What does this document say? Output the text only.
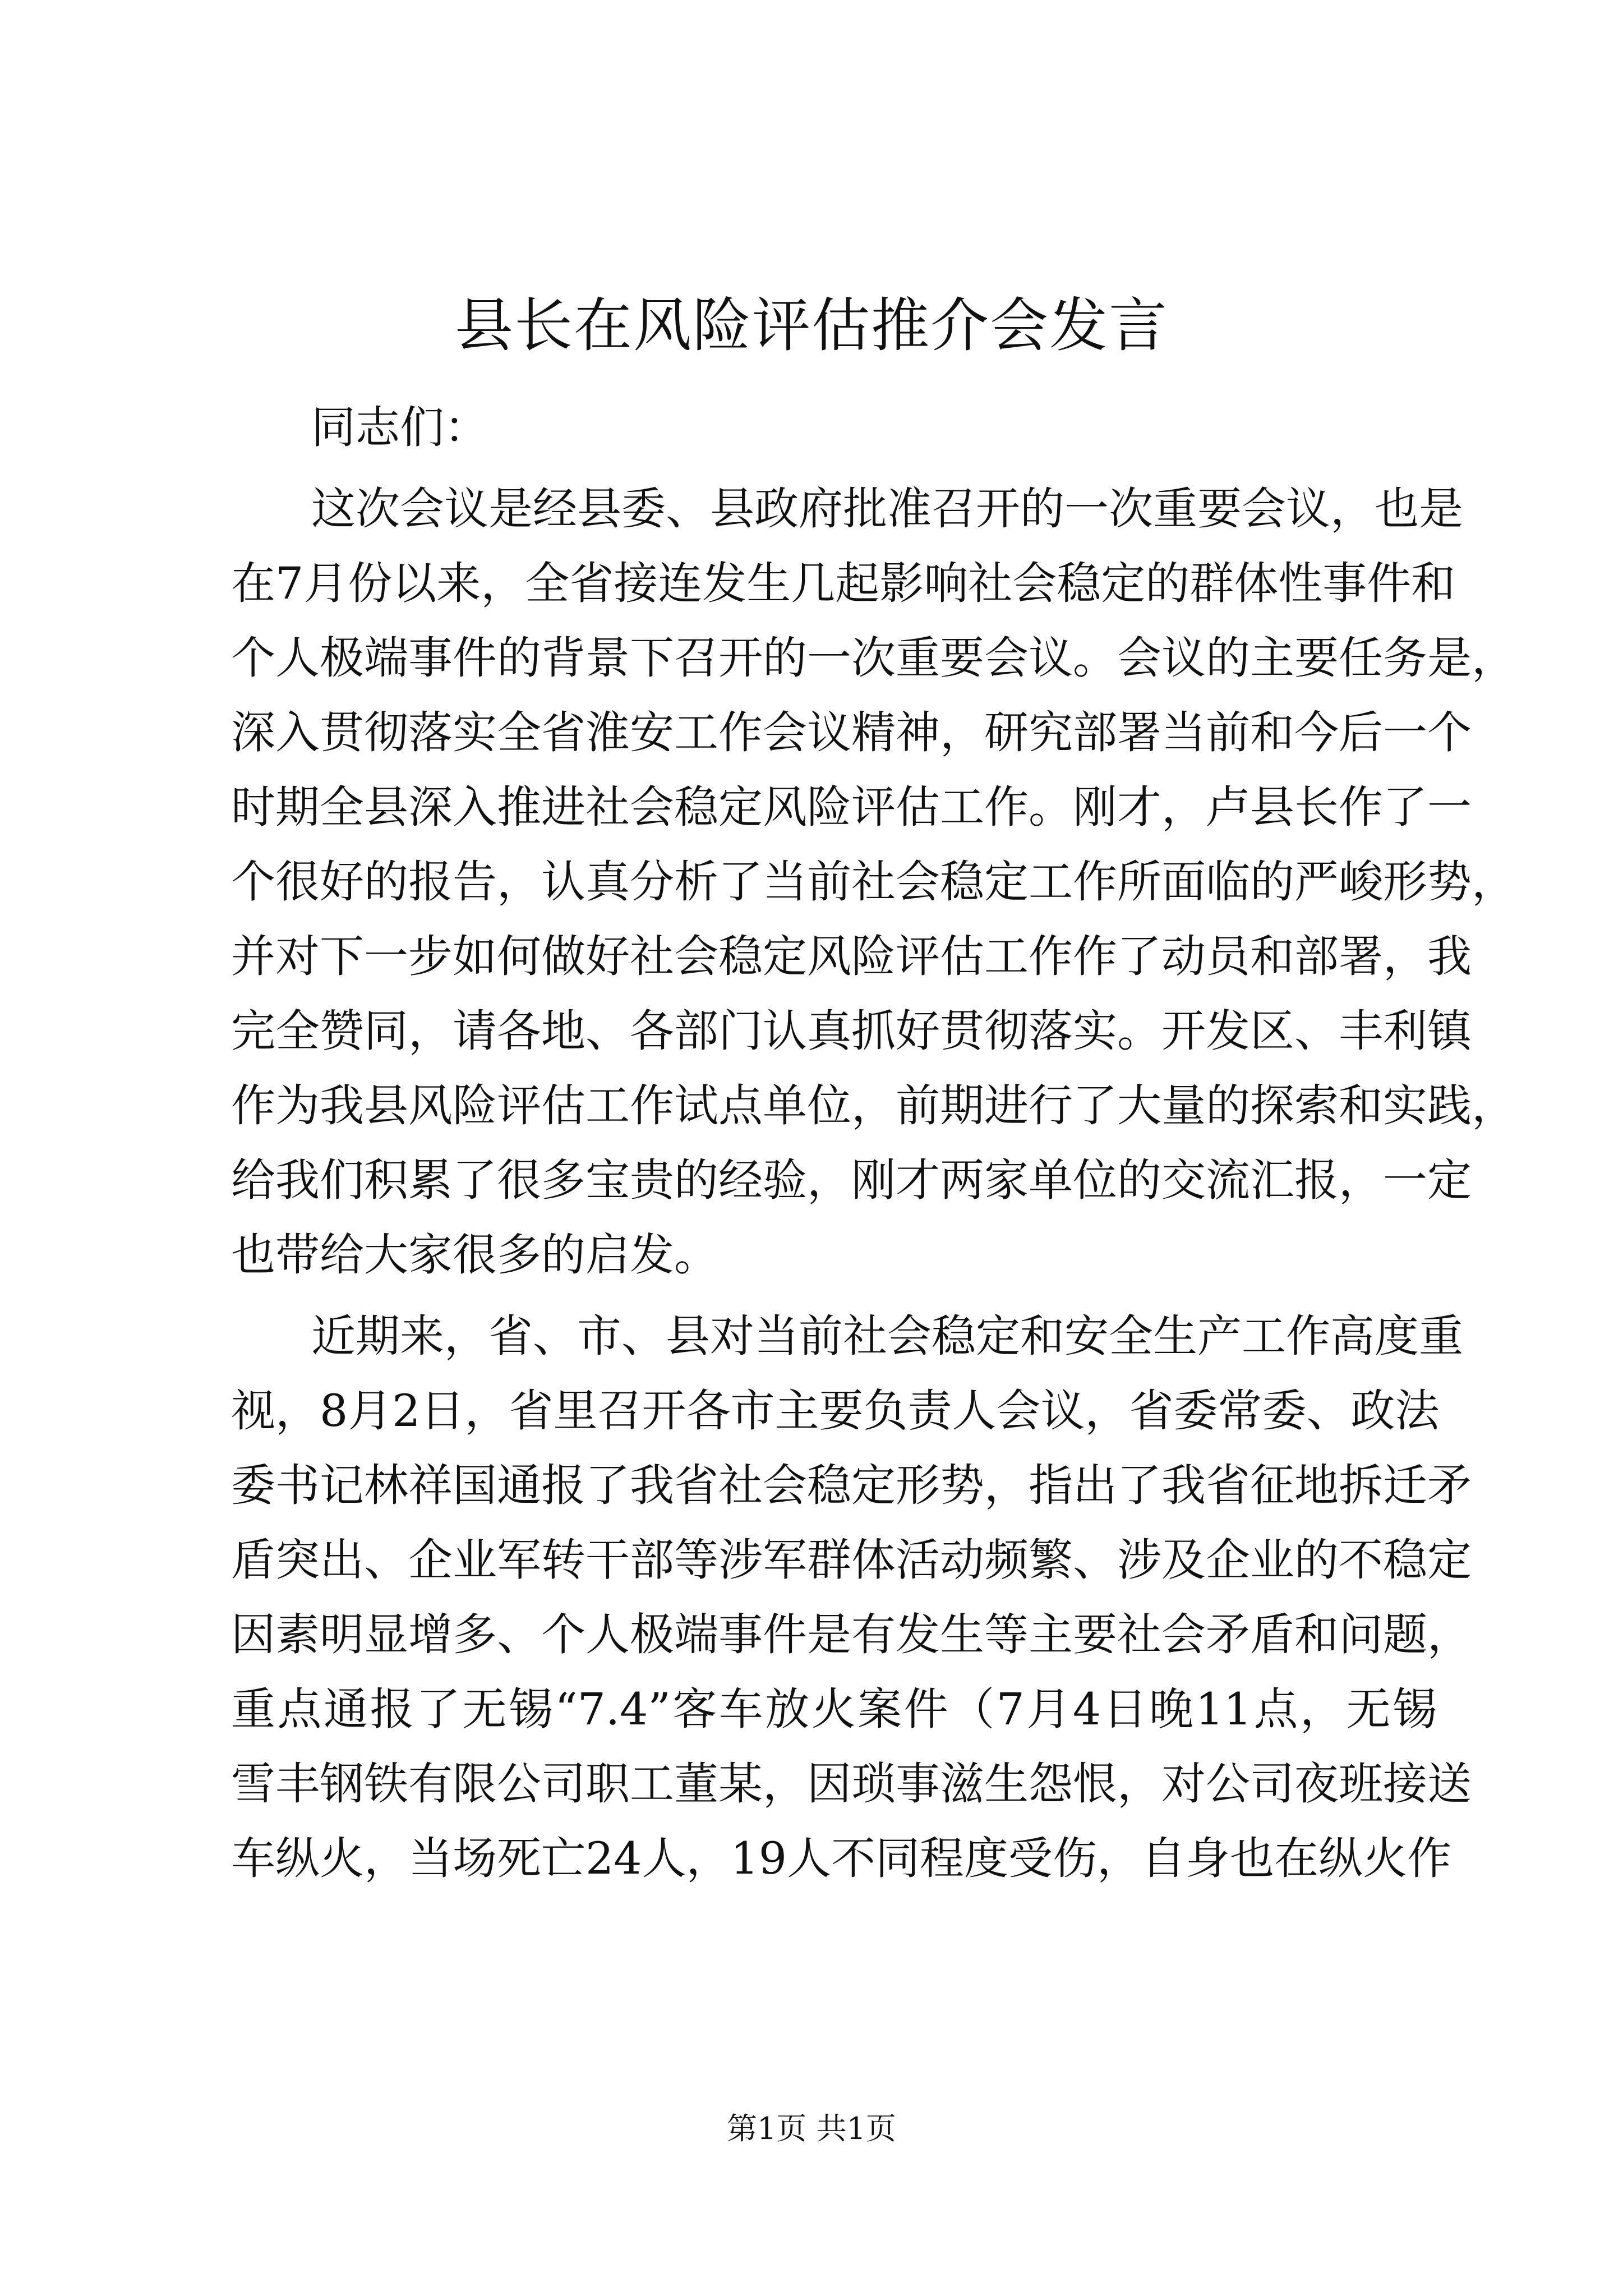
县长在风险评估推介会发言

同志们：

这次会议是经县委、县政府批准召开的一次重要会议，也是

在7月份以来，全省接连发生几起影响社会稳定的群体性事件和

个人极端事件的背景下召开的一次重要会议。会议的主要任务是，

深入贯彻落实全省淮安工作会议精神，研究部署当前和今后一个

时期全县深入推进社会稳定风险评估工作。刚才，卢县长作了一

个很好的报告，认真分析了当前社会稳定工作所面临的严峻形势，

并对下一步如何做好社会稳定风险评估工作作了动员和部署，我

完全赞同，请各地、各部门认真抓好贯彻落实。开发区、丰利镇

作为我县风险评估工作试点单位，前期进行了大量的探索和实践，

给我们积累了很多宝贵的经验，刚才两家单位的交流汇报，一定

也带给大家很多的启发。

近期来，省、市、县对当前社会稳定和安全生产工作高度重

视，8月2日，省里召开各市主要负责人会议，省委常委、政法

委书记林祥国通报了我省社会稳定形势，指出了我省征地拆迁矛

盾突出、企业军转干部等涉军群体活动频繁、涉及企业的不稳定

因素明显增多、个人极端事件是有发生等主要社会矛盾和问题，

重点通报了无锡“7.4”客车放火案件（7月4日晚11点，无锡

雪丰钢铁有限公司职工董某，因琐事滋生怨恨，对公司夜班接送

车纵火，当场死亡24人，19人不同程度受伤，自身也在纵火作

第1页 共1页
